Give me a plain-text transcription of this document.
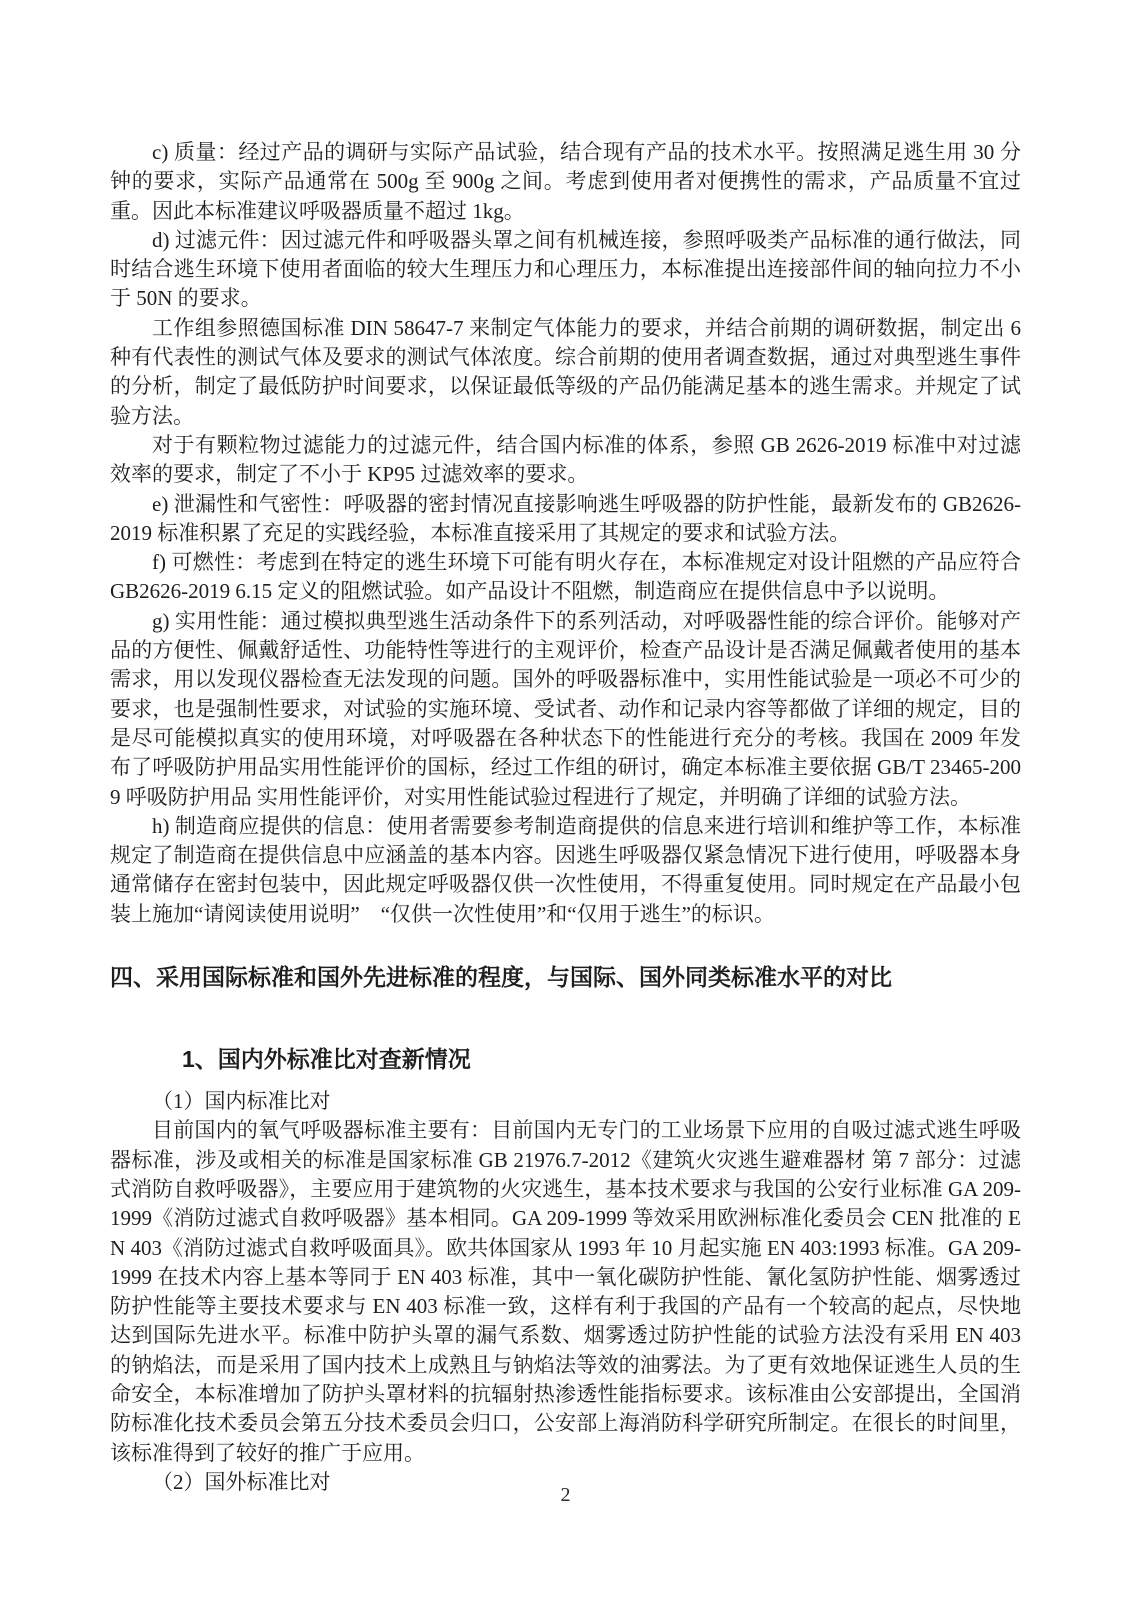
c) 质量：经过产品的调研与实际产品试验，结合现有产品的技术水平。按照满足逃生用 30 分钟的要求，实际产品通常在 500g 至 900g 之间。考虑到使用者对便携性的需求，产品质量不宜过重。因此本标准建议呼吸器质量不超过 1kg。

d) 过滤元件：因过滤元件和呼吸器头罩之间有机械连接，参照呼吸类产品标准的通行做法，同时结合逃生环境下使用者面临的较大生理压力和心理压力，本标准提出连接部件间的轴向拉力不小于 50N 的要求。

工作组参照德国标准 DIN 58647-7 来制定气体能力的要求，并结合前期的调研数据，制定出 6 种有代表性的测试气体及要求的测试气体浓度。综合前期的使用者调查数据，通过对典型逃生事件的分析，制定了最低防护时间要求，以保证最低等级的产品仍能满足基本的逃生需求。并规定了试验方法。

对于有颗粒物过滤能力的过滤元件，结合国内标准的体系，参照 GB 2626-2019 标准中对过滤效率的要求，制定了不小于 KP95 过滤效率的要求。

e) 泄漏性和气密性：呼吸器的密封情况直接影响逃生呼吸器的防护性能，最新发布的 GB2626-2019 标准积累了充足的实践经验，本标准直接采用了其规定的要求和试验方法。

f) 可燃性：考虑到在特定的逃生环境下可能有明火存在，本标准规定对设计阻燃的产品应符合 GB2626-2019 6.15 定义的阻燃试验。如产品设计不阻燃，制造商应在提供信息中予以说明。

g) 实用性能：通过模拟典型逃生活动条件下的系列活动，对呼吸器性能的综合评价。能够对产品的方便性、佩戴舒适性、功能特性等进行的主观评价，检查产品设计是否满足佩戴者使用的基本需求，用以发现仪器检查无法发现的问题。国外的呼吸器标准中，实用性能试验是一项必不可少的要求，也是强制性要求，对试验的实施环境、受试者、动作和记录内容等都做了详细的规定，目的是尽可能模拟真实的使用环境，对呼吸器在各种状态下的性能进行充分的考核。我国在 2009 年发布了呼吸防护用品实用性能评价的国标，经过工作组的研讨，确定本标准主要依据 GB/T 23465-2009 呼吸防护用品 实用性能评价，对实用性能试验过程进行了规定，并明确了详细的试验方法。

h) 制造商应提供的信息：使用者需要参考制造商提供的信息来进行培训和维护等工作，本标准规定了制造商在提供信息中应涵盖的基本内容。因逃生呼吸器仅紧急情况下进行使用，呼吸器本身通常储存在密封包装中，因此规定呼吸器仅供一次性使用，不得重复使用。同时规定在产品最小包装上施加“请阅读使用说明”　“仅供一次性使用”和“仅用于逃生”的标识。

四、采用国际标准和国外先进标准的程度，与国际、国外同类标准水平的对比
1、国内外标准比对查新情况

（1）国内标准比对

目前国内的氧气呼吸器标准主要有：目前国内无专门的工业场景下应用的自吸过滤式逃生呼吸器标准，涉及或相关的标准是国家标准 GB 21976.7-2012《建筑火灾逃生避难器材 第 7 部分：过滤式消防自救呼吸器》，主要应用于建筑物的火灾逃生，基本技术要求与我国的公安行业标准 GA 209-1999《消防过滤式自救呼吸器》基本相同。GA 209-1999 等效采用欧洲标准化委员会 CEN 批准的 EN 403《消防过滤式自救呼吸面具》。欧共体国家从 1993 年 10 月起实施 EN 403:1993 标准。GA 209-1999 在技术内容上基本等同于 EN 403 标准，其中一氧化碳防护性能、氰化氢防护性能、烟雾透过防护性能等主要技术要求与 EN 403 标准一致，这样有利于我国的产品有一个较高的起点，尽快地达到国际先进水平。标准中防护头罩的漏气系数、烟雾透过防护性能的试验方法没有采用 EN 403 的钠焰法，而是采用了国内技术上成熟且与钠焰法等效的油雾法。为了更有效地保证逃生人员的生命安全，本标准增加了防护头罩材料的抗辐射热渗透性能指标要求。该标准由公安部提出，全国消防标准化技术委员会第五分技术委员会归口，公安部上海消防科学研究所制定。在很长的时间里，该标准得到了较好的推广于应用。

（2）国外标准比对

2
